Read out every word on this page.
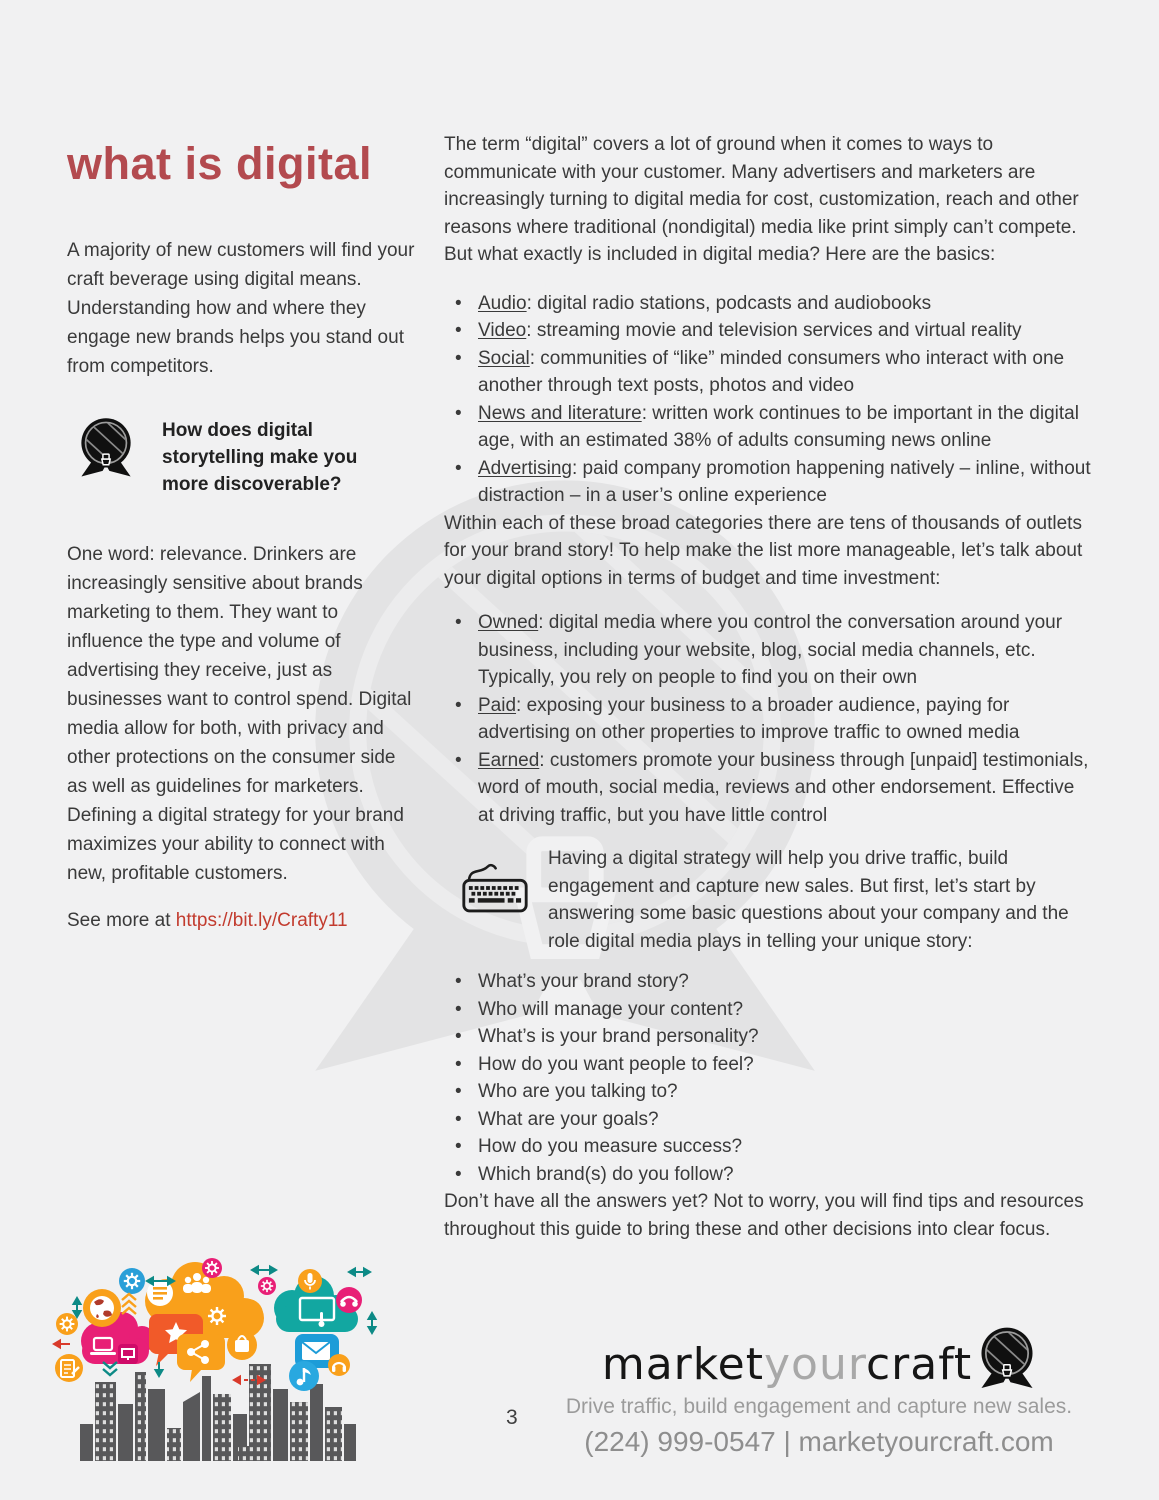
what is digital

A majority of new customers will find your craft beverage using digital means. Understanding how and where they engage new brands helps you stand out from competitors.

How does digital storytelling make you more discoverable?

One word: relevance. Drinkers are increasingly sensitive about brands marketing to them. They want to influence the type and volume of advertising they receive, just as businesses want to control spend. Digital media allow for both, with privacy and other protections on the consumer side as well as guidelines for marketers. Defining a digital strategy for your brand maximizes your ability to connect with new, profitable customers.

See more at https://bit.ly/Crafty11

The term “digital” covers a lot of ground when it comes to ways to communicate with your customer. Many advertisers and marketers are increasingly turning to digital media for cost, customization, reach and other reasons where traditional (nondigital) media like print simply can’t compete. But what exactly is included in digital media? Here are the basics:

• Audio: digital radio stations, podcasts and audiobooks
• Video: streaming movie and television services and virtual reality
• Social: communities of “like” minded consumers who interact with one another through text posts, photos and video
• News and literature: written work continues to be important in the digital age, with an estimated 38% of adults consuming news online
• Advertising: paid company promotion happening natively – inline, without distraction – in a user’s online experience

Within each of these broad categories there are tens of thousands of outlets for your brand story! To help make the list more manageable, let’s talk about your digital options in terms of budget and time investment:

• Owned: digital media where you control the conversation around your business, including your website, blog, social media channels, etc. Typically, you rely on people to find you on their own
• Paid: exposing your business to a broader audience, paying for advertising on other properties to improve traffic to owned media
• Earned: customers promote your business through [unpaid] testimonials, word of mouth, social media, reviews and other endorsement. Effective at driving traffic, but you have little control

Having a digital strategy will help you drive traffic, build engagement and capture new sales. But first, let’s start by answering some basic questions about your company and the role digital media plays in telling your unique story:

• What’s your brand story?
• Who will manage your content?
• What’s is your brand personality?
• How do you want people to feel?
• Who are you talking to?
• What are your goals?
• How do you measure success?
• Which brand(s) do you follow?

Don’t have all the answers yet? Not to worry, you will find tips and resources throughout this guide to bring these and other decisions into clear focus.

marketyourcraft
Drive traffic, build engagement and capture new sales.
(224) 999-0547 | marketyourcraft.com
3
